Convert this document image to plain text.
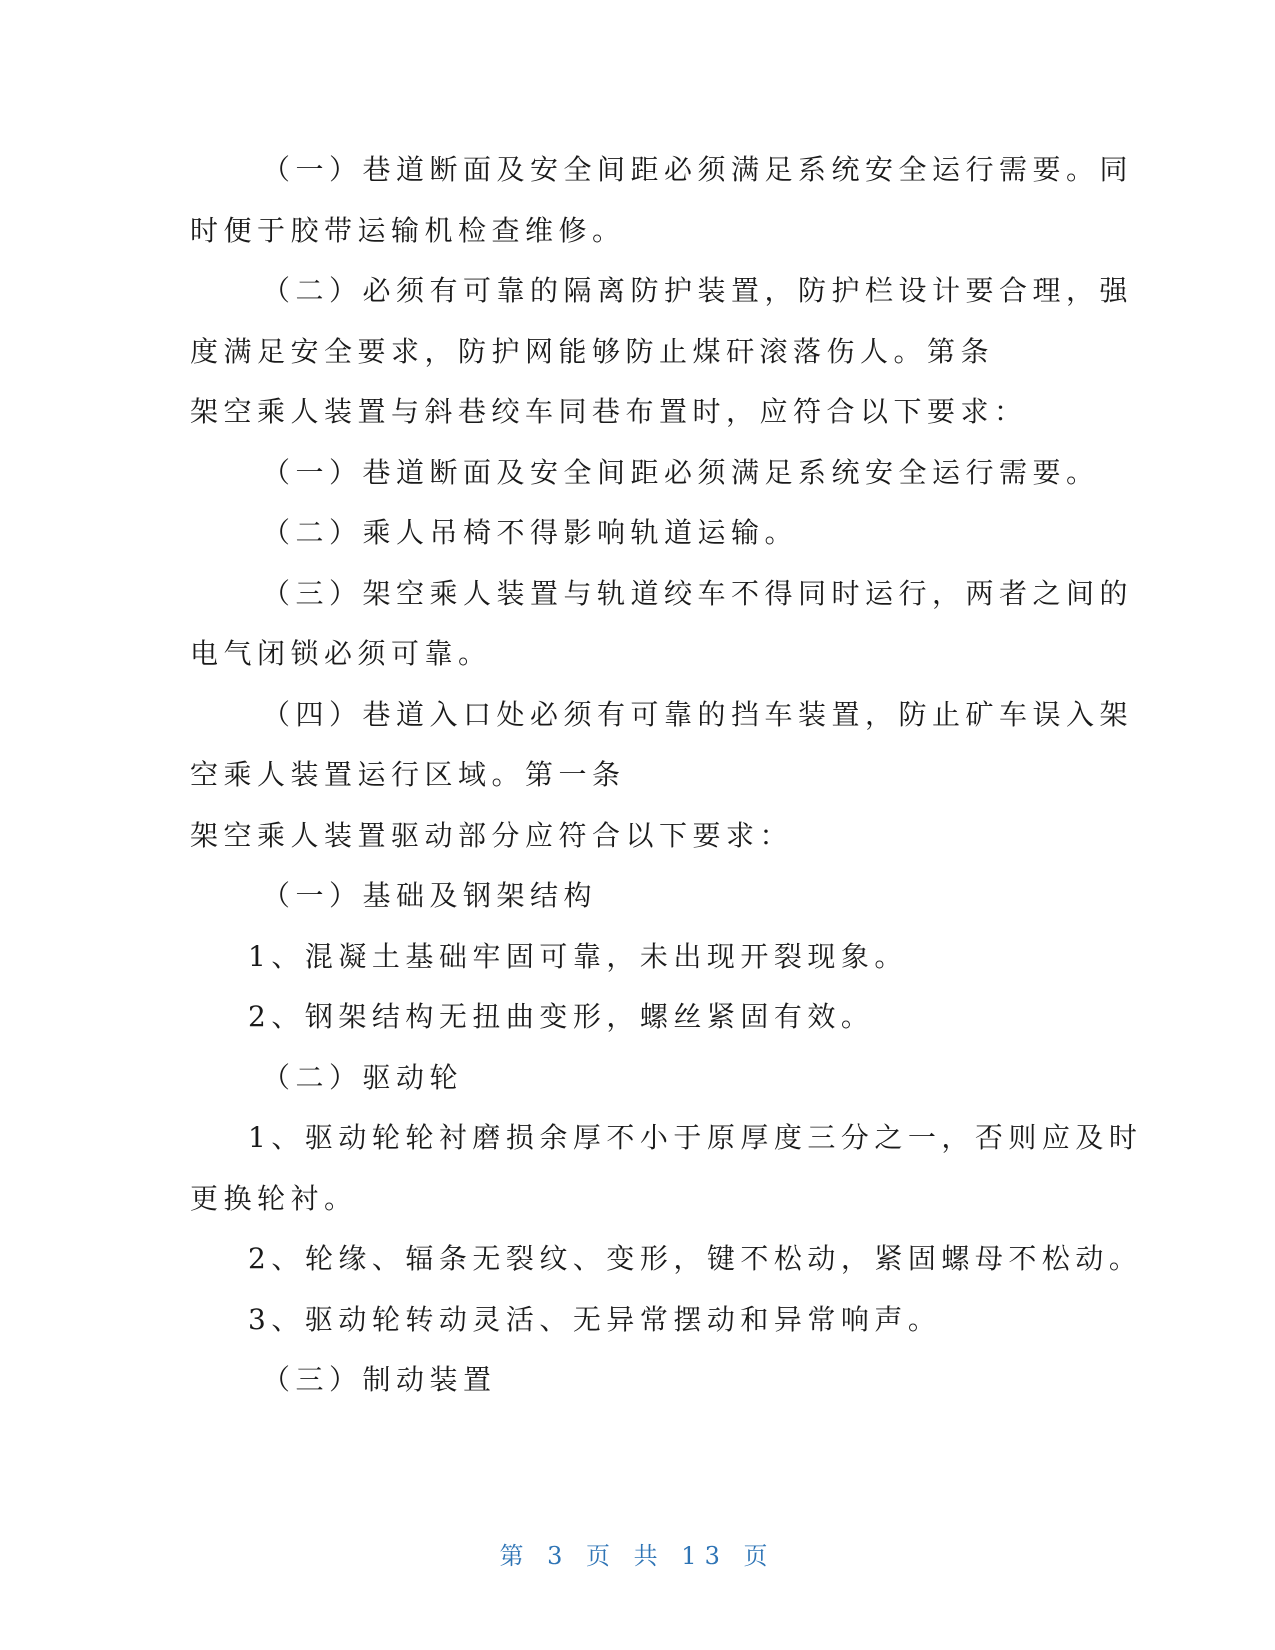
（一）巷道断面及安全间距必须满足系统安全运行需要。同
时便于胶带运输机检查维修。
（二）必须有可靠的隔离防护装置，防护栏设计要合理，强
度满足安全要求，防护网能够防止煤矸滚落伤人。第条
架空乘人装置与斜巷绞车同巷布置时，应符合以下要求：
（一）巷道断面及安全间距必须满足系统安全运行需要。
（二）乘人吊椅不得影响轨道运输。
（三）架空乘人装置与轨道绞车不得同时运行，两者之间的
电气闭锁必须可靠。
（四）巷道入口处必须有可靠的挡车装置，防止矿车误入架
空乘人装置运行区域。第一条
架空乘人装置驱动部分应符合以下要求：
（一）基础及钢架结构
1、混凝土基础牢固可靠，未出现开裂现象。
2、钢架结构无扭曲变形，螺丝紧固有效。
（二）驱动轮
1、驱动轮轮衬磨损余厚不小于原厚度三分之一，否则应及时
更换轮衬。
2、轮缘、辐条无裂纹、变形，键不松动，紧固螺母不松动。
3、驱动轮转动灵活、无异常摆动和异常响声。
（三）制动装置
第 3 页 共 13 页
